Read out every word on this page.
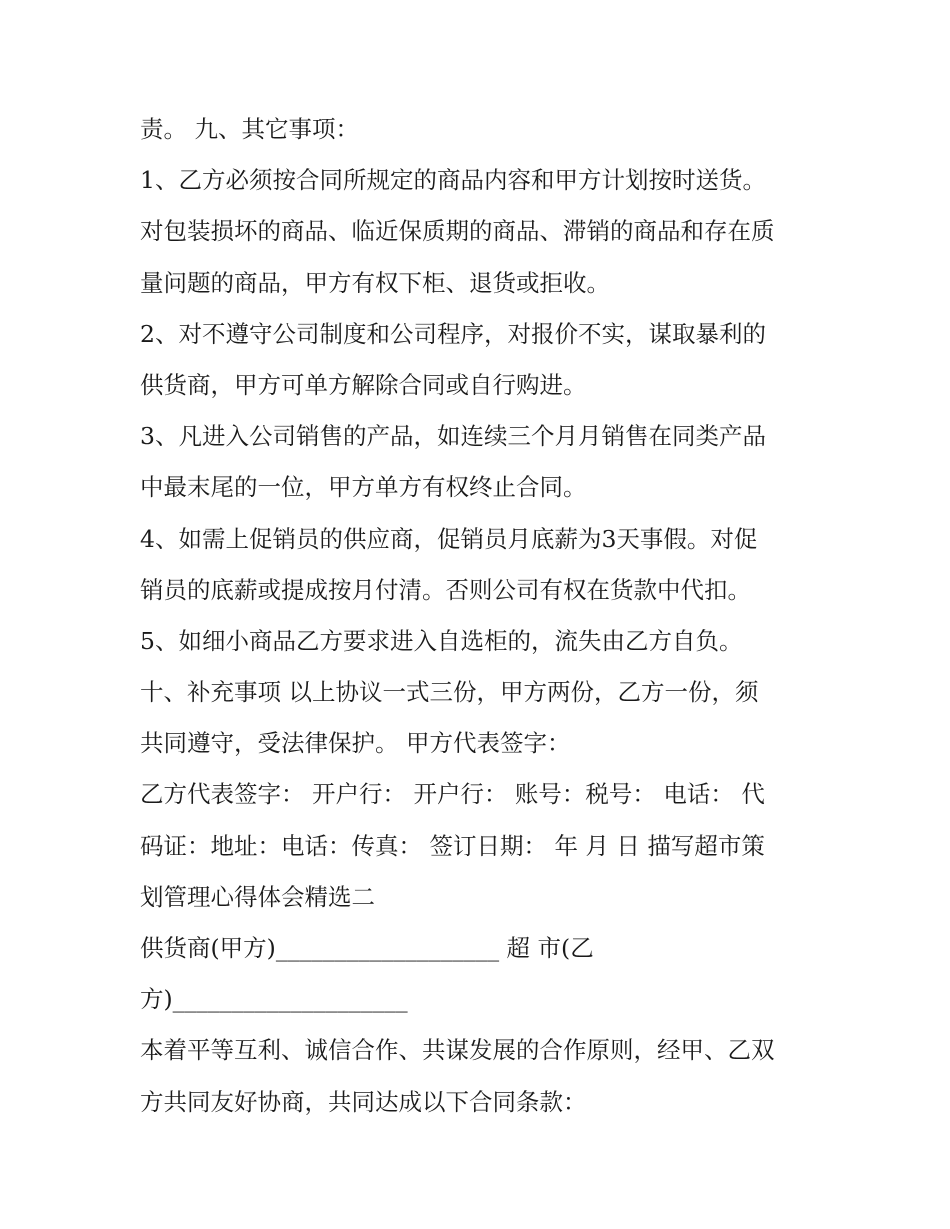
责。 九、其它事项：
1、乙方必须按合同所规定的商品内容和甲方计划按时送货。
对包装损坏的商品、临近保质期的商品、滞销的商品和存在质
量问题的商品，甲方有权下柜、退货或拒收。
2、对不遵守公司制度和公司程序，对报价不实，谋取暴利的
供货商，甲方可单方解除合同或自行购进。
3、凡进入公司销售的产品，如连续三个月月销售在同类产品
中最末尾的一位，甲方单方有权终止合同。
4、如需上促销员的供应商，促销员月底薪为3天事假。对促
销员的底薪或提成按月付清。否则公司有权在货款中代扣。
5、如细小商品乙方要求进入自选柜的，流失由乙方自负。
十、补充事项 以上协议一式三份，甲方两份，乙方一份，须
共同遵守，受法律保护。 甲方代表签字：
乙方代表签字： 开户行： 开户行： 账号：税号： 电话： 代
码证：地址：电话：传真： 签订日期： 年 月 日 描写超市策
划管理心得体会精选二
供货商(甲方)___________________ 超 市(乙
方)____________________
本着平等互利、诚信合作、共谋发展的合作原则，经甲、乙双
方共同友好协商，共同达成以下合同条款：
